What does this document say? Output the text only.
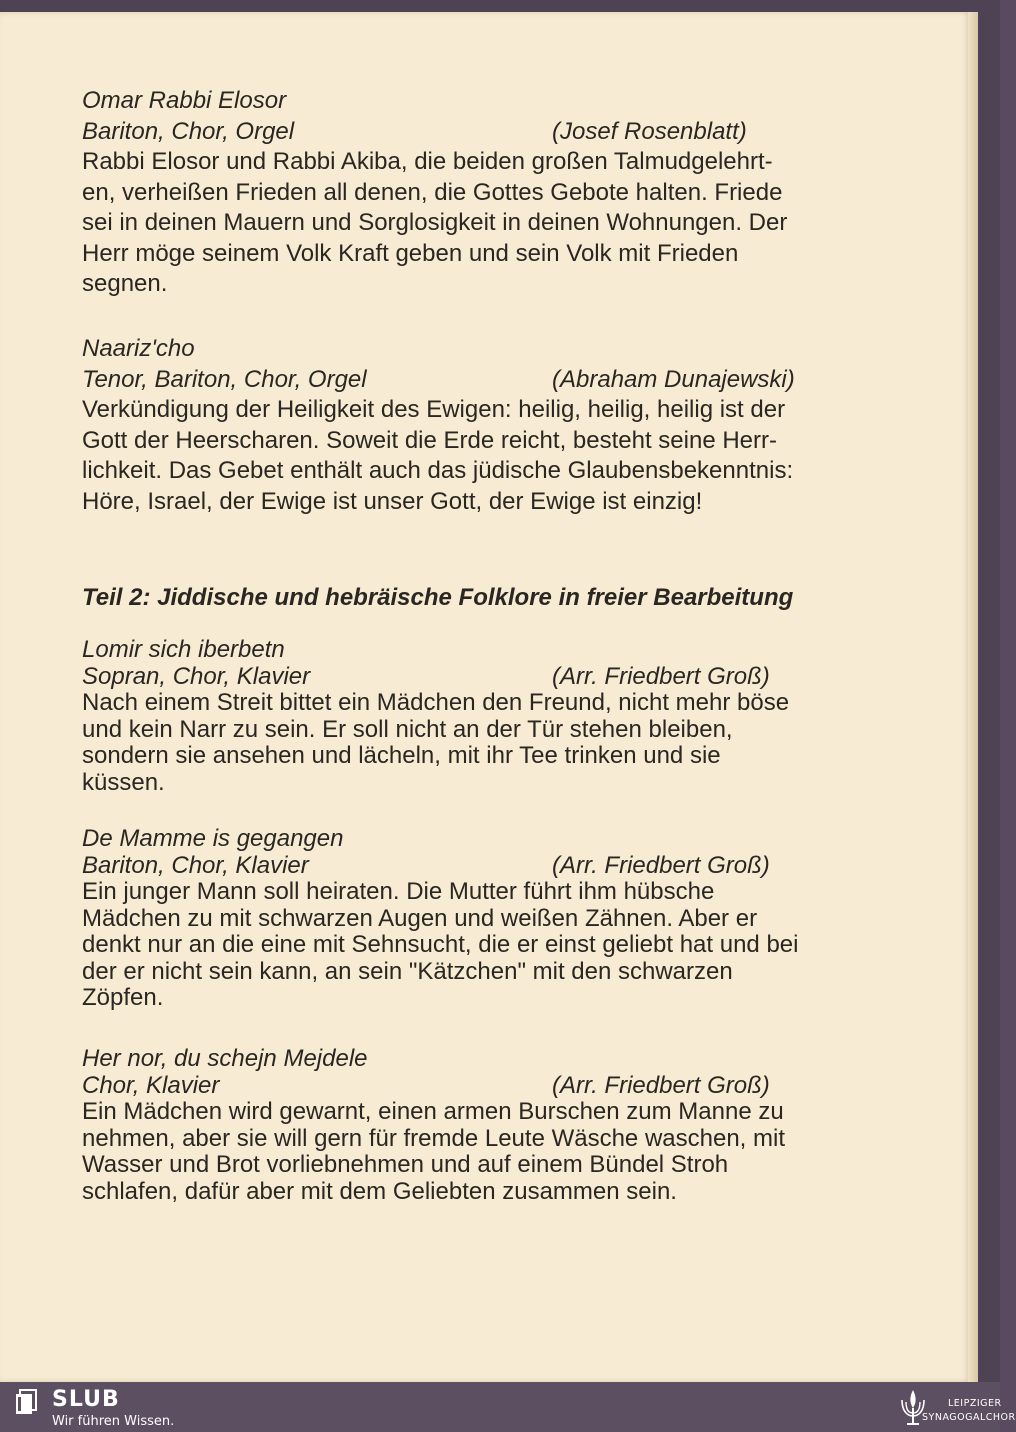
Omar Rabbi Elosor

Bariton, Chor, Orgel	(Josef Rosenblatt)

Rabbi Elosor und Rabbi Akiba, die beiden großen Talmudgelehrt-
en, verheißen Frieden all denen, die Gottes Gebote halten. Friede
sei in deinen Mauern und Sorglosigkeit in deinen Wohnungen. Der
Herr möge seinem Volk Kraft geben und sein Volk mit Frieden
segnen.

Naariz'cho

Tenor, Bariton, Chor, Orgel	(Abraham Dunajewski)

Verkündigung der Heiligkeit des Ewigen: heilig, heilig, heilig ist der
Gott der Heerscharen. Soweit die Erde reicht, besteht seine Herr-
lichkeit. Das Gebet enthält auch das jüdische Glaubensbekenntnis:
Höre, Israel, der Ewige ist unser Gott, der Ewige ist einzig!

Teil 2: Jiddische und hebräische Folklore in freier Bearbeitung

Lomir sich iberbetn

Sopran, Chor, Klavier	(Arr. Friedbert Groß)

Nach einem Streit bittet ein Mädchen den Freund, nicht mehr böse
und kein Narr zu sein. Er soll nicht an der Tür stehen bleiben,
sondern sie ansehen und lächeln, mit ihr Tee trinken und sie
küssen.

De Mamme is gegangen

Bariton, Chor, Klavier	(Arr. Friedbert Groß)

Ein junger Mann soll heiraten. Die Mutter führt ihm hübsche
Mädchen zu mit schwarzen Augen und weißen Zähnen. Aber er
denkt nur an die eine mit Sehnsucht, die er einst geliebt hat und bei
der er nicht sein kann, an sein "Kätzchen" mit den schwarzen
Zöpfen.

Her nor, du schejn Mejdele

Chor, Klavier	(Arr. Friedbert Groß)

Ein Mädchen wird gewarnt, einen armen Burschen zum Manne zu
nehmen, aber sie will gern für fremde Leute Wäsche waschen, mit
Wasser und Brot vorliebnehmen und auf einem Bündel Stroh
schlafen, dafür aber mit dem Geliebten zusammen sein.

SLUB
Wir führen Wissen.
LEIPZIGER
SYNAGOGALCHOR
